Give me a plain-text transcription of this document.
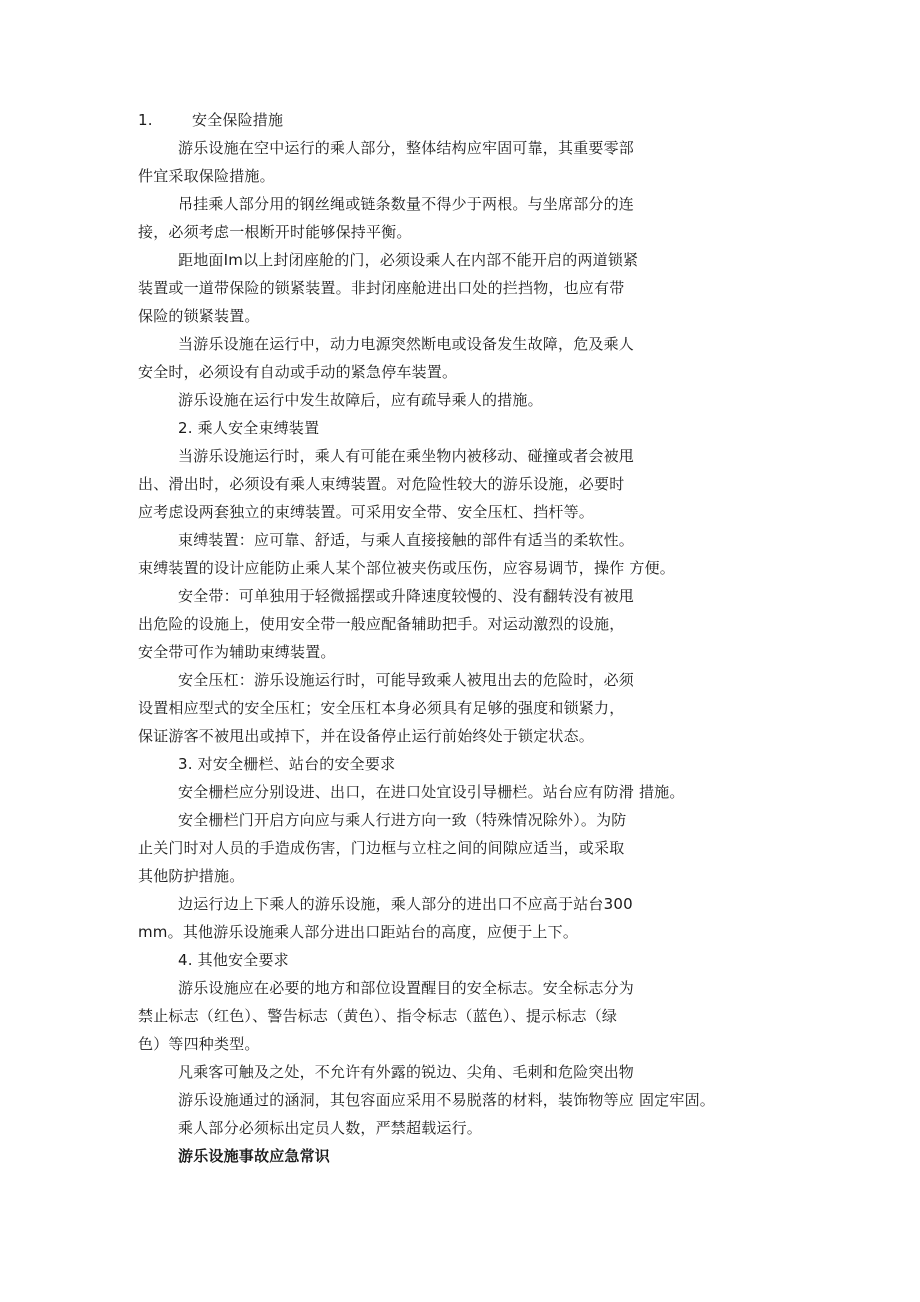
1.	安全保险措施
游乐设施在空中运行的乘人部分，整体结构应牢固可靠，其重要零部
件宜采取保险措施。
吊挂乘人部分用的钢丝绳或链条数量不得少于两根。与坐席部分的连
接，必须考虑一根断开时能够保持平衡。
距地面Im以上封闭座舱的门，必须设乘人在内部不能开启的两道锁紧
装置或一道带保险的锁紧装置。非封闭座舱进出口处的拦挡物，也应有带
保险的锁紧装置。
当游乐设施在运行中，动力电源突然断电或设备发生故障，危及乘人
安全时，必须设有自动或手动的紧急停车装置。
游乐设施在运行中发生故障后，应有疏导乘人的措施。
2. 乘人安全束缚装置
当游乐设施运行时，乘人有可能在乘坐物内被移动、碰撞或者会被甩
出、滑出时，必须设有乘人束缚装置。对危险性较大的游乐设施，必要时
应考虑设两套独立的束缚装置。可采用安全带、安全压杠、挡杆等。
束缚装置：应可靠、舒适，与乘人直接接触的部件有适当的柔软性。
束缚装置的设计应能防止乘人某个部位被夹伤或压伤，应容易调节，操作 方便。
安全带：可单独用于轻微摇摆或升降速度较慢的、没有翻转没有被甩
出危险的设施上，使用安全带一般应配备辅助把手。对运动激烈的设施，
安全带可作为辅助束缚装置。
安全压杠：游乐设施运行时，可能导致乘人被甩出去的危险时，必须
设置相应型式的安全压杠；安全压杠本身必须具有足够的强度和锁紧力，
保证游客不被甩出或掉下，并在设备停止运行前始终处于锁定状态。
3. 对安全栅栏、站台的安全要求
安全栅栏应分别设进、出口，在进口处宜设引导栅栏。站台应有防滑 措施。
安全栅栏门开启方向应与乘人行进方向一致（特殊情况除外）。为防
止关门时对人员的手造成伤害，门边框与立柱之间的间隙应适当，或采取
其他防护措施。
边运行边上下乘人的游乐设施，乘人部分的进出口不应高于站台300
mm。其他游乐设施乘人部分进出口距站台的高度，应便于上下。
4. 其他安全要求
游乐设施应在必要的地方和部位设置醒目的安全标志。安全标志分为
禁止标志（红色）、警告标志（黄色）、指令标志（蓝色）、提示标志（绿
色）等四种类型。
凡乘客可触及之处，不允许有外露的锐边、尖角、毛刺和危险突出物
游乐设施通过的涵洞，其包容面应采用不易脱落的材料，装饰物等应 固定牢固。
乘人部分必须标出定员人数，严禁超载运行。
游乐设施事故应急常识
